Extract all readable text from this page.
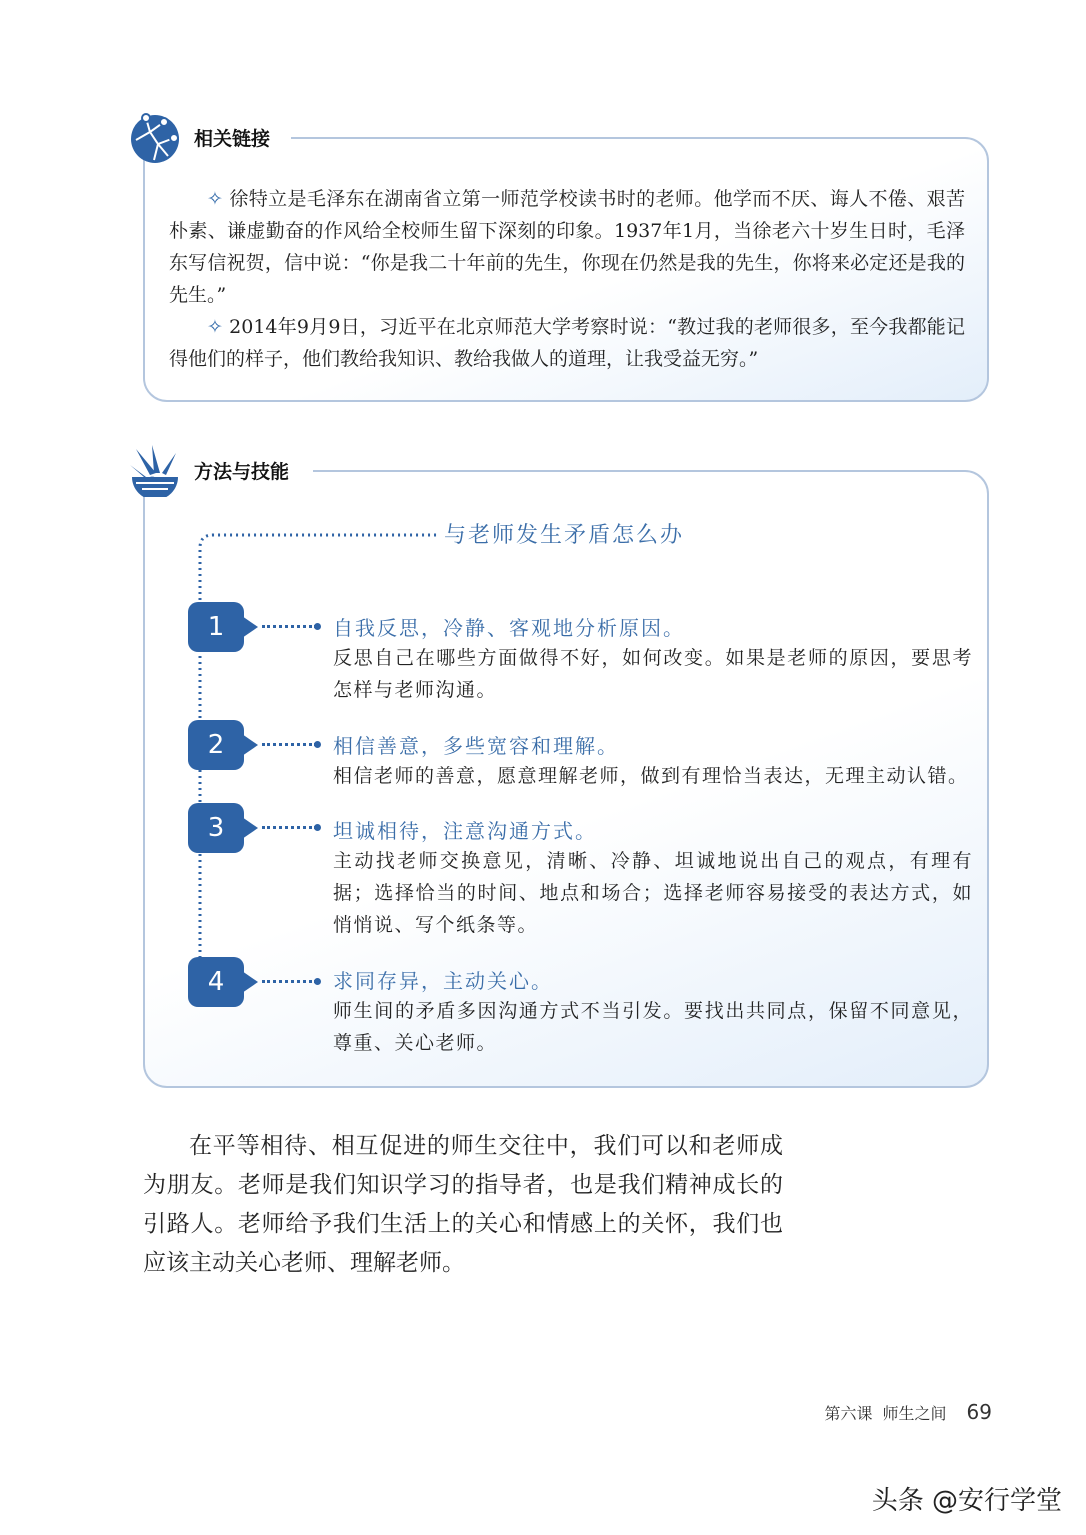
✧ 徐特立是毛泽东在湖南省立第一师范学校读书时的老师。他学而不厌、诲人不倦、艰苦朴素、谦虚勤奋的作风给全校师生留下深刻的印象。1937年1月，当徐老六十岁生日时，毛泽东写信祝贺，信中说：“你是我二十年前的先生，你现在仍然是我的先生，你将来必定还是我的先生。”

✧ 2014年9月9日，习近平在北京师范大学考察时说：“教过我的老师很多，至今我都能记得他们的样子，他们教给我知识、教给我做人的道理，让我受益无穷。”

相关链接
方法与技能
与老师发生矛盾怎么办
1	自我反思，冷静、客观地分析原因。
反思自己在哪些方面做得不好，如何改变。如果是老师的原因，要思考怎样与老师沟通。
2	相信善意，多些宽容和理解。
相信老师的善意，愿意理解老师，做到有理恰当表达，无理主动认错。
3	坦诚相待，注意沟通方式。
主动找老师交换意见，清晰、冷静、坦诚地说出自己的观点，有理有据；选择恰当的时间、地点和场合；选择老师容易接受的表达方式，如悄悄说、写个纸条等。
4	求同存异，主动关心。
师生间的矛盾多因沟通方式不当引发。要找出共同点，保留不同意见，尊重、关心老师。

在平等相待、相互促进的师生交往中，我们可以和老师成为朋友。老师是我们知识学习的指导者，也是我们精神成长的引路人。老师给予我们生活上的关心和情感上的关怀，我们也应该主动关心老师、理解老师。

第六课 师生之间 69
头条 @安行学堂
